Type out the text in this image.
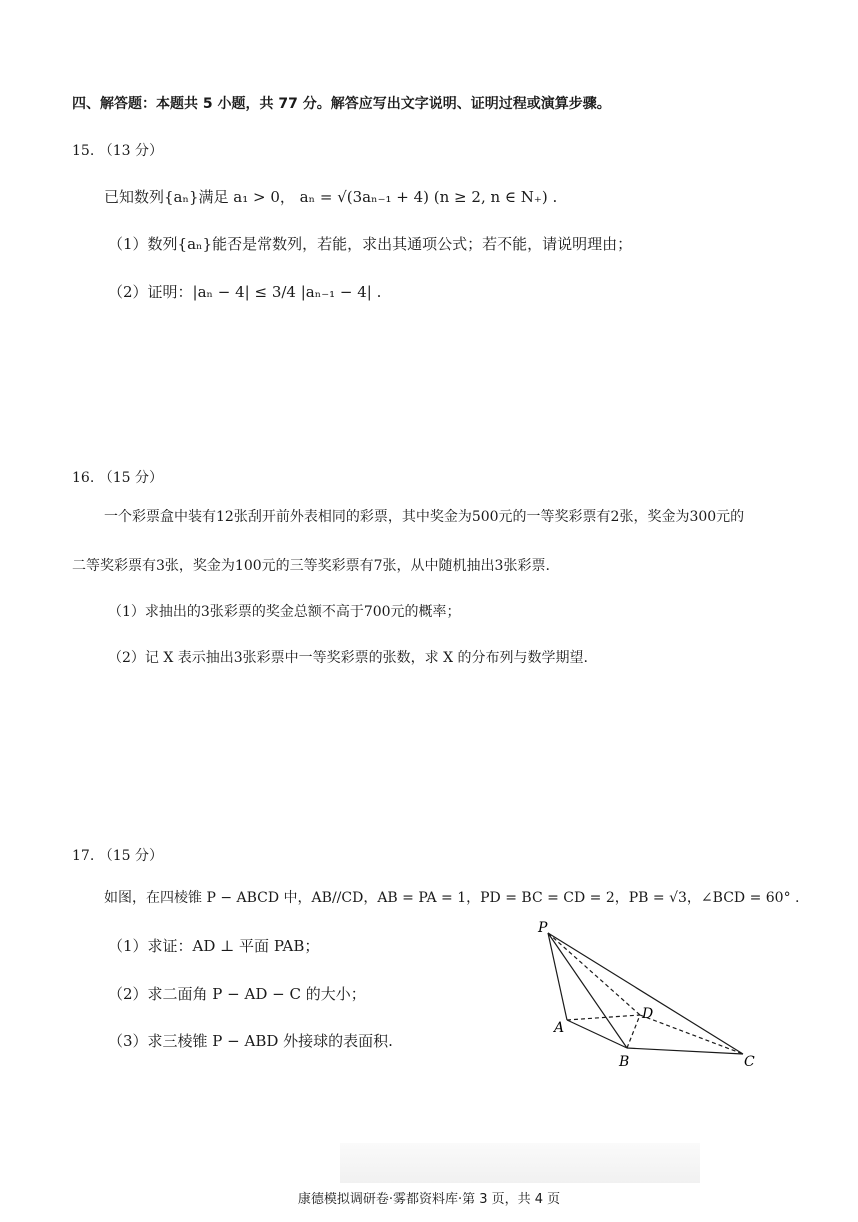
四、解答题：本题共 5 小题，共 77 分。解答应写出文字说明、证明过程或演算步骤。
15. （13 分）
已知数列{aₙ}满足 a₁ > 0， aₙ = √(3aₙ₋₁ + 4) (n ≥ 2, n ∈ N₊) .
（1）数列{aₙ}能否是常数列，若能，求出其通项公式；若不能，请说明理由；
（2）证明：|aₙ − 4| ≤ 3/4 |aₙ₋₁ − 4| .
16. （15 分）
一个彩票盒中装有12张刮开前外表相同的彩票，其中奖金为500元的一等奖彩票有2张，奖金为300元的
二等奖彩票有3张，奖金为100元的三等奖彩票有7张，从中随机抽出3张彩票.
（1）求抽出的3张彩票的奖金总额不高于700元的概率；
（2）记 X 表示抽出3张彩票中一等奖彩票的张数，求 X 的分布列与数学期望.
17. （15 分）
如图，在四棱锥 P − ABCD 中，AB//CD，AB = PA = 1，PD = BC = CD = 2，PB = √3，∠BCD = 60° .
（1）求证：AD ⊥ 平面 PAB；
（2）求二面角 P − AD − C 的大小；
（3）求三棱锥 P − ABD 外接球的表面积.
P
A
B	C
D
康德模拟调研卷·雾都资料库·第 3 页，共 4 页
